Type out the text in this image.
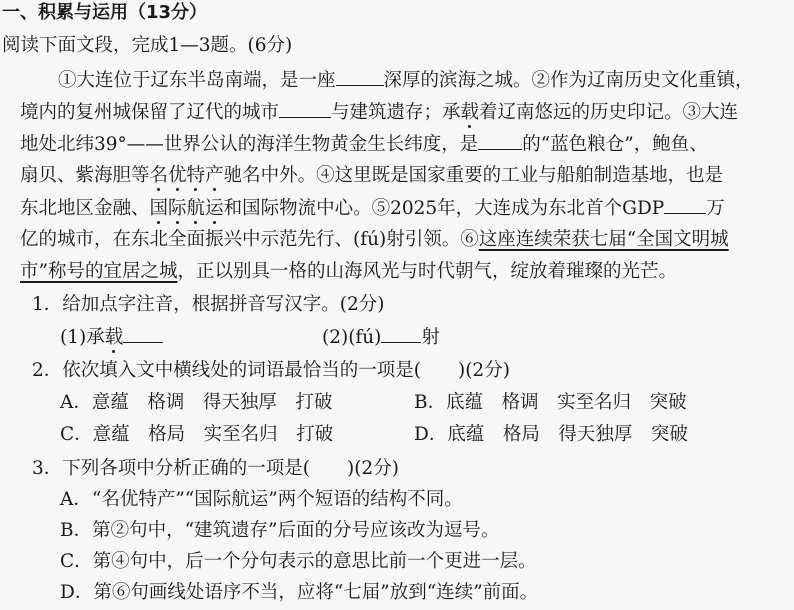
一、积累与运用（13分）
阅读下面文段，完成1—3题。(6分)
①大连位于辽东半岛南端，是一座	深厚的滨海之城。②作为辽南历史文化重镇，
境内的复州城保留了辽代的城市	与建筑遗存；承载着辽南悠远的历史印记。③大连
地处北纬39°——世界公认的海洋生物黄金生长纬度，是 的“蓝色粮仓”，鲍鱼、
扇贝、紫海胆等名优特产驰名中外。④这里既是国家重要的工业与船舶制造基地，也是
东北地区金融、国际航运和国际物流中心。⑤2025年，大连成为东北首个GDP 万
亿的城市，在东北全面振兴中示范先行、(fú)射引领。⑥这座连续荣获七届“全国文明城
市”称号的宜居之城，正以别具一格的山海风光与时代朝气，绽放着璀璨的光芒。
1．给加点字注音，根据拼音写汉字。(2分)
(1)承载	(2)(fú) 射
2．依次填入文中横线处的词语最恰当的一项是(　　)(2分)
A．意蕴　格调　得天独厚　打破	B．底蕴　格调　实至名归　突破
C．意蕴　格局　实至名归　打破	D．底蕴　格局　得天独厚　突破
3．下列各项中分析正确的一项是(　　)(2分)
A．“名优特产”“国际航运”两个短语的结构不同。
B．第②句中，“建筑遗存”后面的分号应该改为逗号。
C．第④句中，后一个分句表示的意思比前一个更进一层。
D．第⑥句画线处语序不当，应将“七届”放到“连续”前面。
